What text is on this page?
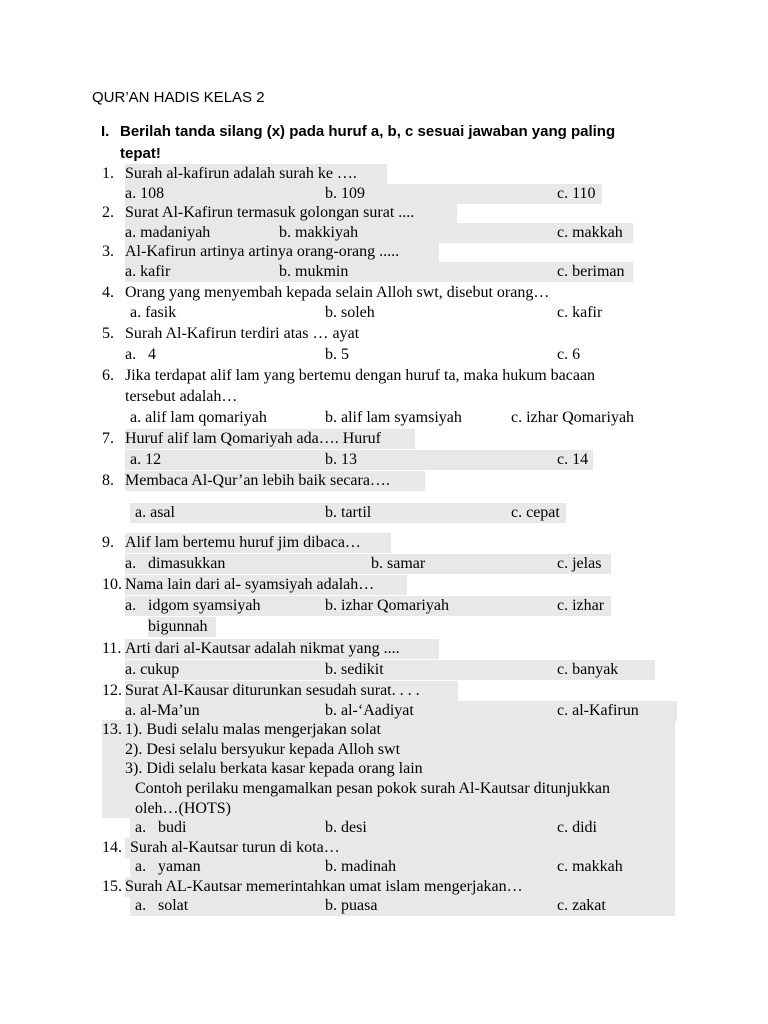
QUR’AN HADIS KELAS 2
I. Berilah tanda silang (x) pada huruf a, b, c sesuai jawaban yang paling tepat!
1. Surah al-kafirun adalah surah ke ….
a. 108	b. 109	c. 110
2. Surat Al-Kafirun termasuk golongan surat ....
a. madaniyah	b. makkiyah	c. makkah
3. Al-Kafirun artinya artinya orang-orang .....
a. kafir	b. mukmin	c. beriman
4. Orang yang menyembah kepada selain Alloh swt, disebut orang…
a. fasik	b. soleh	c. kafir
5. Surah Al-Kafirun terdiri atas … ayat
a. 4	b. 5	c. 6
6. Jika terdapat alif lam yang bertemu dengan huruf ta, maka hukum bacaan
tersebut adalah…
a. alif lam qomariyah	b. alif lam syamsiyah	c. izhar Qomariyah
7. Huruf alif lam Qomariyah ada…. Huruf
a. 12	b. 13	c. 14
8. Membaca Al-Qur’an lebih baik secara….
a. asal	b. tartil	c. cepat
9. Alif lam bertemu huruf jim dibaca…
a. dimasukkan	b. samar	c. jelas
10. Nama lain dari al- syamsiyah adalah…
a. idgom syamsiyah	b. izhar Qomariyah	c. izhar
bigunnah
11. Arti dari al-Kautsar adalah nikmat yang ....
a. cukup	b. sedikit	c. banyak
12. Surat Al-Kausar diturunkan sesudah surat. . . .
a. al-Ma’un	b. al-‘Aadiyat	c. al-Kafirun
13. 1). Budi selalu malas mengerjakan solat
2). Desi selalu bersyukur kepada Alloh swt
3). Didi selalu berkata kasar kepada orang lain
Contoh perilaku mengamalkan pesan pokok surah Al-Kautsar ditunjukkan
oleh…(HOTS)
a. budi	b. desi	c. didi
14. Surah al-Kautsar turun di kota…
a. yaman	b. madinah	c. makkah
15. Surah AL-Kautsar memerintahkan umat islam mengerjakan…
a. solat	b. puasa	c. zakat
